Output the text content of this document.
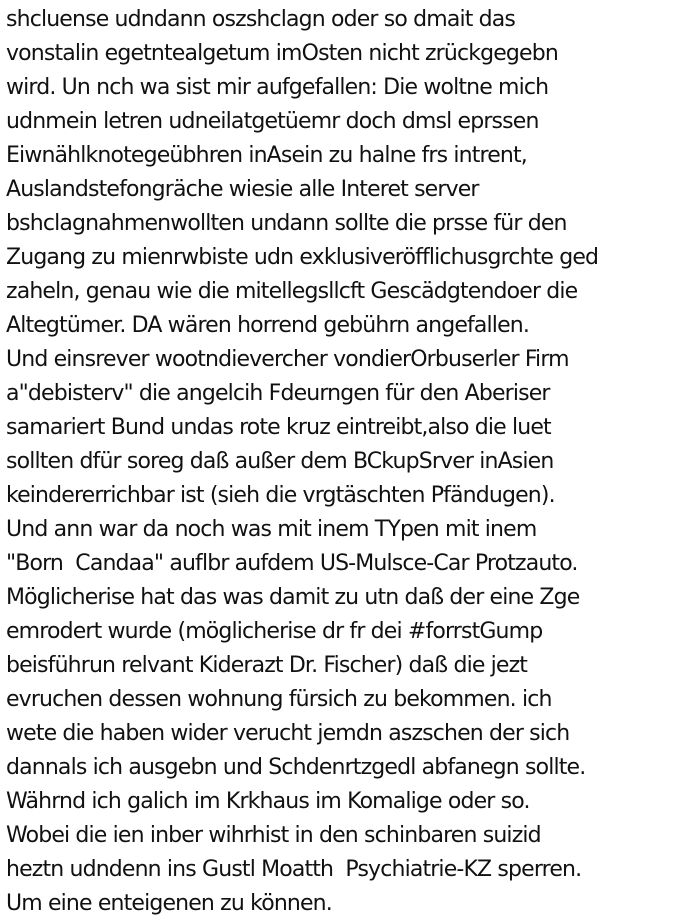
shcluense udndann oszshclagn oder so dmait das
vonstalin egetntealgetum imOsten nicht zrückgegebn
wird. Un nch wa sist mir aufgefallen: Die woltne mich
udnmein letren udneilatgetüemr doch dmsl eprssen
Eiwnählknotegeübhren inAsein zu halne frs intrent,
Auslandstefongräche wiesie alle Interet server
bshclagnahmenwollten undann sollte die prsse für den
Zugang zu mienrwbiste udn exklusiveröfflichusgrchte ged
zaheln, genau wie die mitellegsllcft Gescädgtendoer die
Altegtümer. DA wären horrend gebührn angefallen.
Und einsrever wootndievercher vondierOrbuserler Firm
a"debisterv" die angelcih Fdeurngen für den Aberiser
samariert Bund undas rote kruz eintreibt,also die luet
sollten dfür soreg daß außer dem BCkupSrver inAsien
keindererrichbar ist (sieh die vrgtäschten Pfändugen).
Und ann war da noch was mit inem TYpen mit inem
"Born  Candaa" auflbr aufdem US-Mulsce-Car Protzauto.
Möglicherise hat das was damit zu utn daß der eine Zge
emrodert wurde (möglicherise dr fr dei #forrstGump
beisführun relvant Kiderazt Dr. Fischer) daß die jezt
evruchen dessen wohnung fürsich zu bekommen. ich
wete die haben wider verucht jemdn aszschen der sich
dannals ich ausgebn und Schdenrtzgedl abfanegn sollte.
Währnd ich galich im Krkhaus im Komalige oder so.
Wobei die ien inber wihrhist in den schinbaren suizid
heztn udndenn ins Gustl Moatth  Psychiatrie-KZ sperren.
Um eine enteigenen zu können.
